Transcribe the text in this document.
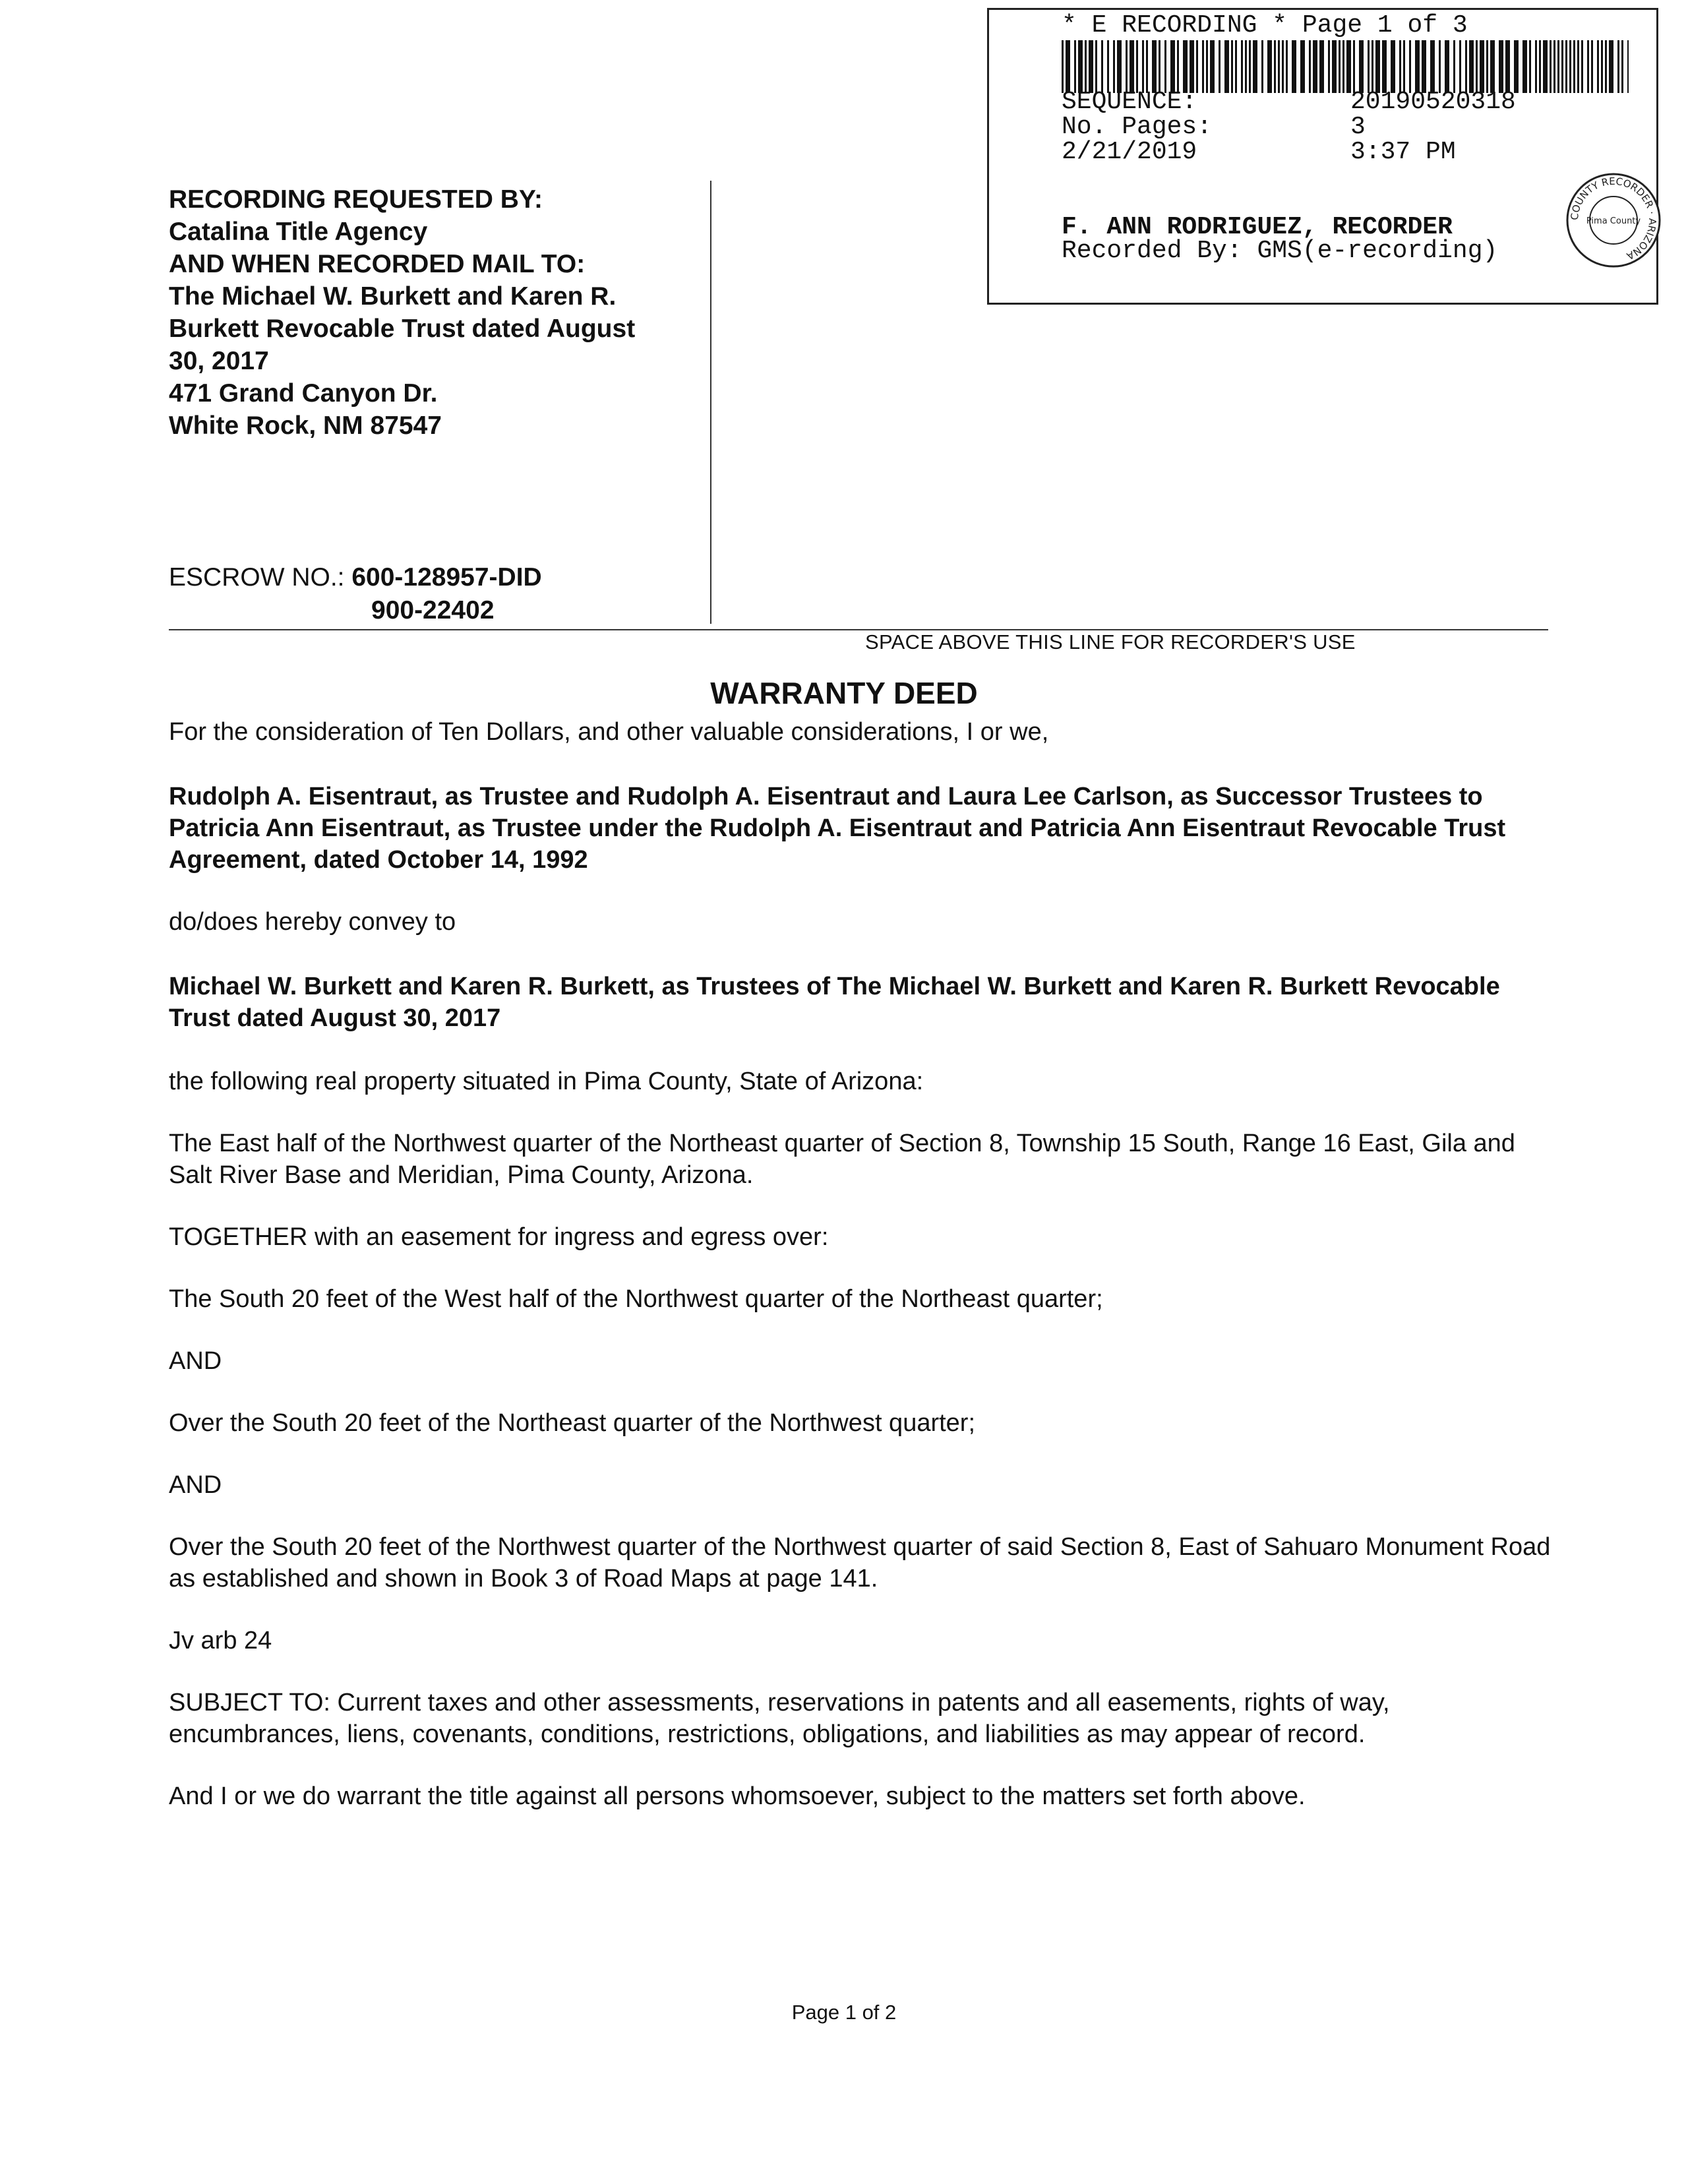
* E RECORDING * Page 1 of 3
SEQUENCE:	20190520318
No. Pages:	3
2/21/2019	3:37 PM
F. ANN RODRIGUEZ, RECORDER
Recorded By: GMS(e-recording)
COUNTY RECORDER · ARIZONA
Pima County
RECORDING REQUESTED BY:
Catalina Title Agency
AND WHEN RECORDED MAIL TO:
The Michael W. Burkett and Karen R.
Burkett Revocable Trust dated August
30, 2017
471 Grand Canyon Dr.
White Rock, NM 87547
ESCROW NO.: 600-128957-DID
900-22402
SPACE ABOVE THIS LINE FOR RECORDER'S USE
WARRANTY DEED
For the consideration of Ten Dollars, and other valuable considerations, I or we,
Rudolph A. Eisentraut, as Trustee and Rudolph A. Eisentraut and Laura Lee Carlson, as Successor Trustees to Patricia Ann Eisentraut, as Trustee under the Rudolph A. Eisentraut and Patricia Ann Eisentraut Revocable Trust Agreement, dated October 14, 1992
do/does hereby convey to
Michael W. Burkett and Karen R. Burkett, as Trustees of The Michael W. Burkett and Karen R. Burkett Revocable Trust dated August 30, 2017
the following real property situated in Pima County, State of Arizona:
The East half of the Northwest quarter of the Northeast quarter of Section 8, Township 15 South, Range 16 East, Gila and Salt River Base and Meridian, Pima County, Arizona.
TOGETHER with an easement for ingress and egress over:
The South 20 feet of the West half of the Northwest quarter of the Northeast quarter;
AND
Over the South 20 feet of the Northeast quarter of the Northwest quarter;
AND
Over the South 20 feet of the Northwest quarter of the Northwest quarter of said Section 8, East of Sahuaro Monument Road as established and shown in Book 3 of Road Maps at page 141.
Jv arb 24
SUBJECT TO: Current taxes and other assessments, reservations in patents and all easements, rights of way, encumbrances, liens, covenants, conditions, restrictions, obligations, and liabilities as may appear of record.
And I or we do warrant the title against all persons whomsoever, subject to the matters set forth above.
Page 1 of 2
